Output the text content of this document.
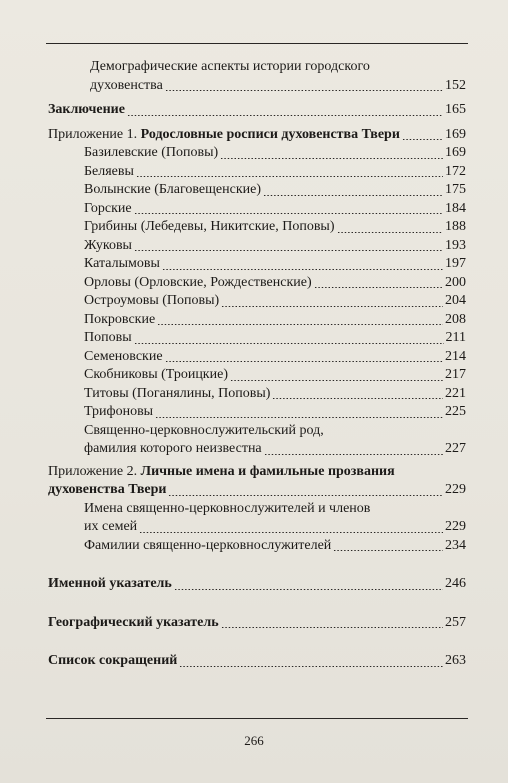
Демографические аспекты истории городского
духовенства	152
Заключение	165
Приложение 1. Родословные росписи духовенства Твери	169
Базилевские (Поповы)	169
Беляевы	172
Волынские (Благовещенские)	175
Горские	184
Грибины (Лебедевы, Никитские, Поповы)	188
Жуковы	193
Каталымовы	197
Орловы (Орловские, Рождественские)	200
Остроумовы (Поповы)	204
Покровские	208
Поповы	211
Семеновские	214
Скобниковы (Троицкие)	217
Титовы (Поганялины, Поповы)	221
Трифоновы	225
Священно-церковнослужительский род,
фамилия которого неизвестна	227
Приложение 2. Личные имена и фамильные прозвания
духовенства Твери	229
Имена священно-церковнослужителей и членов
их семей	229
Фамилии священно-церковнослужителей	234
Именной указатель	246
Географический указатель	257
Список сокращений	263
266
